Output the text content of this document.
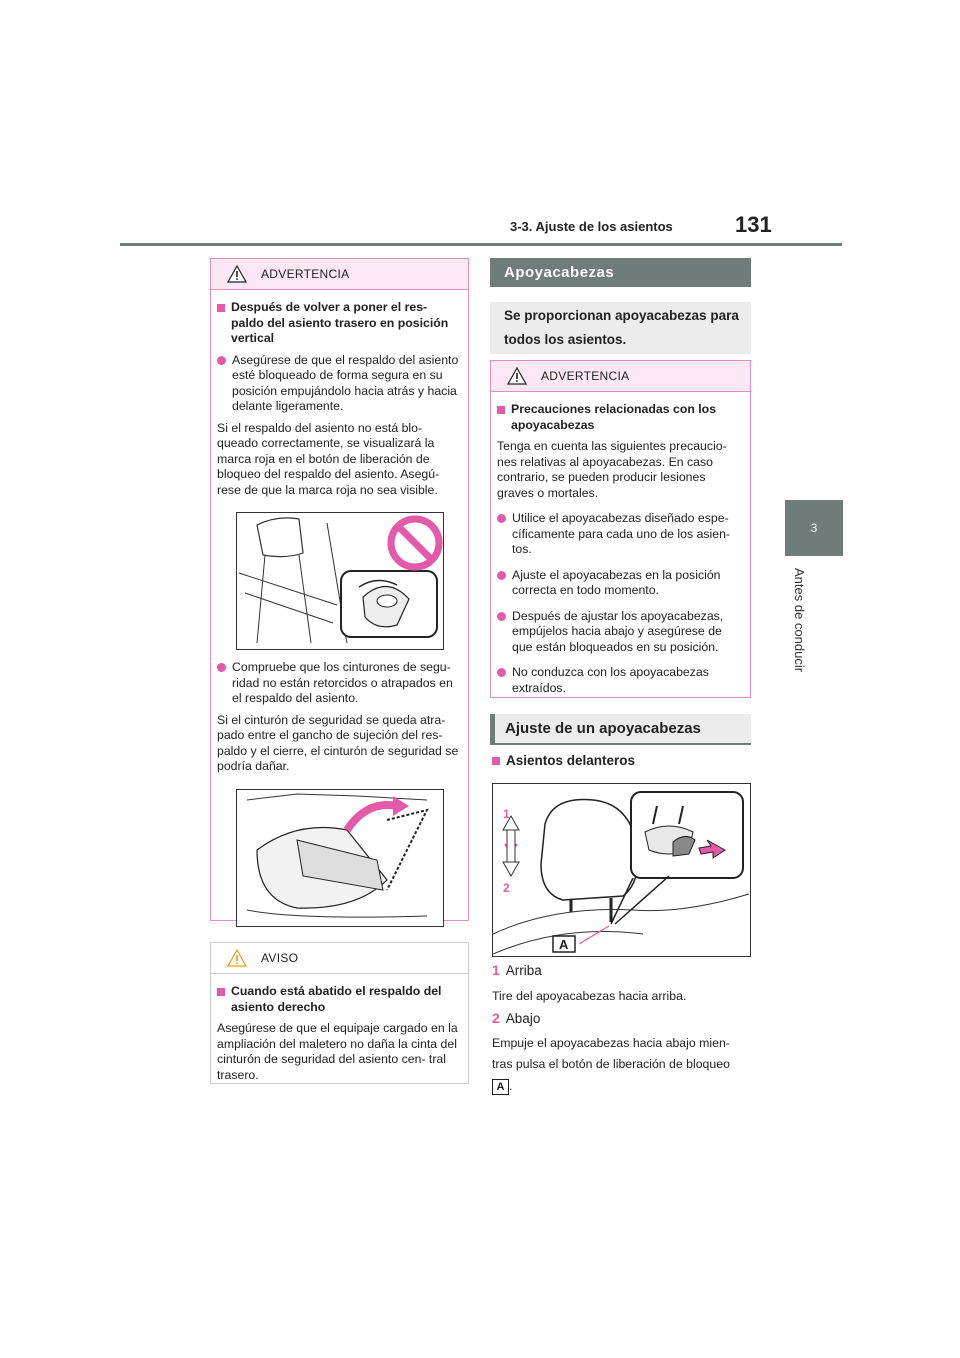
3-3. Ajuste de los asientos	131
3
Antes de conducir
ADVERTENCIA
Después de volver a poner el res- paldo del asiento trasero en posición vertical
Asegúrese de que el respaldo del asiento esté bloqueado de forma segura en su posición empujándolo hacia atrás y hacia delante ligeramente.
Si el respaldo del asiento no está blo- queado correctamente, se visualizará la marca roja en el botón de liberación de bloqueo del respaldo del asiento. Asegú- rese de que la marca roja no sea visible.
Compruebe que los cinturones de segu- ridad no están retorcidos o atrapados en el respaldo del asiento.
Si el cinturón de seguridad se queda atra- pado entre el gancho de sujeción del res- paldo y el cierre, el cinturón de seguridad se podría dañar.
AVISO
Cuando está abatido el respaldo del asiento derecho
Asegúrese de que el equipaje cargado en la ampliación del maletero no daña la cinta del cinturón de seguridad del asiento cen- tral trasero.
Apoyacabezas
Se proporcionan apoyacabezas para todos los asientos.
ADVERTENCIA
Precauciones relacionadas con los apoyacabezas
Tenga en cuenta las siguientes precaucio- nes relativas al apoyacabezas. En caso contrario, se pueden producir lesiones graves o mortales.
Utilice el apoyacabezas diseñado espe- cíficamente para cada uno de los asien- tos.
Ajuste el apoyacabezas en la posición correcta en todo momento.
Después de ajustar los apoyacabezas, empújelos hacia abajo y asegúrese de que están bloqueados en su posición.
No conduzca con los apoyacabezas extraídos.
Ajuste de un apoyacabezas
Asientos delanteros
1
2
A
1 Arriba
Tire del apoyacabezas hacia arriba.
2 Abajo
Empuje el apoyacabezas hacia abajo mien-
tras pulsa el botón de liberación de bloqueo
A .
